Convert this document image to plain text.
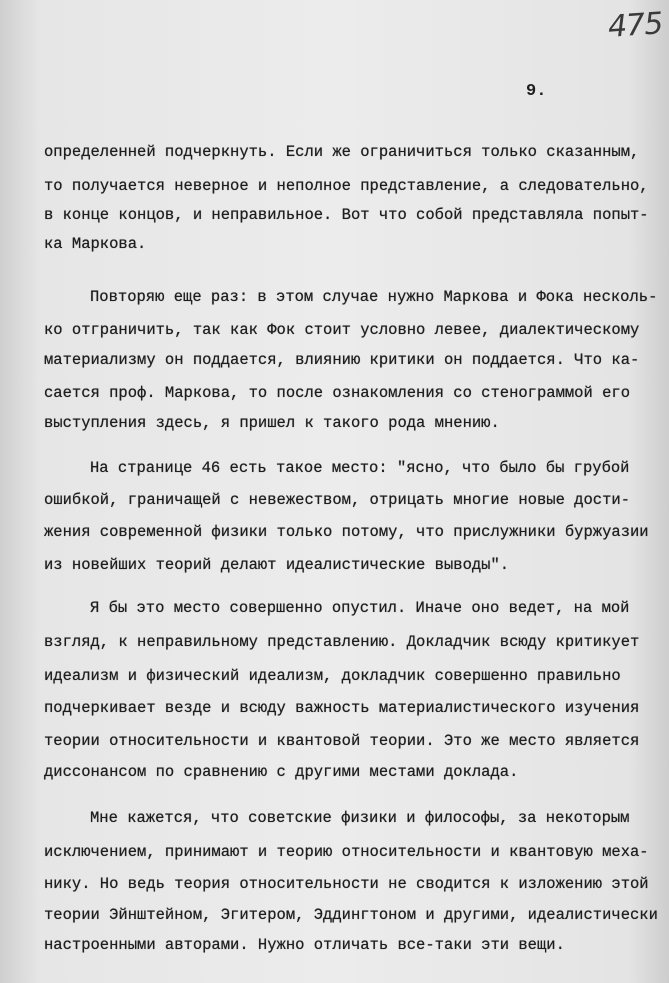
475
9.
определенней подчеркнуть. Если же ограничиться только сказанным,
то получается неверное и неполное представление, а следовательно,
в конце концов, и неправильное. Вот что собой представляла попыт-
ка Маркова.
Повторяю еще раз: в этом случае нужно Маркова и Фока несколь-
ко отграничить, так как Фок стоит условно левее, диалектическому
материализму он поддается, влиянию критики он поддается. Что ка-
сается проф. Маркова, то после ознакомления со стенограммой его
выступления здесь, я пришел к такого рода мнению.
На странице 46 есть такое место: "ясно, что было бы грубой
ошибкой, граничащей с невежеством, отрицать многие новые дости-
жения современной физики только потому, что прислужники буржуазии
из новейших теорий делают идеалистические выводы".
Я бы это место совершенно опустил. Иначе оно ведет, на мой
взгляд, к неправильному представлению. Докладчик всюду критикует
идеализм и физический идеализм, докладчик совершенно правильно
подчеркивает везде и всюду важность материалистического изучения
теории относительности и квантовой теории. Это же место является
диссонансом по сравнению с другими местами доклада.
Мне кажется, что советские физики и философы, за некоторым
исключением, принимают и теорию относительности и квантовую меха-
нику. Но ведь теория относительности не сводится к изложению этой
теории Эйнштейном, Эгитером, Эддингтоном и другими, идеалистически
настроенными авторами. Нужно отличать все-таки эти вещи.
